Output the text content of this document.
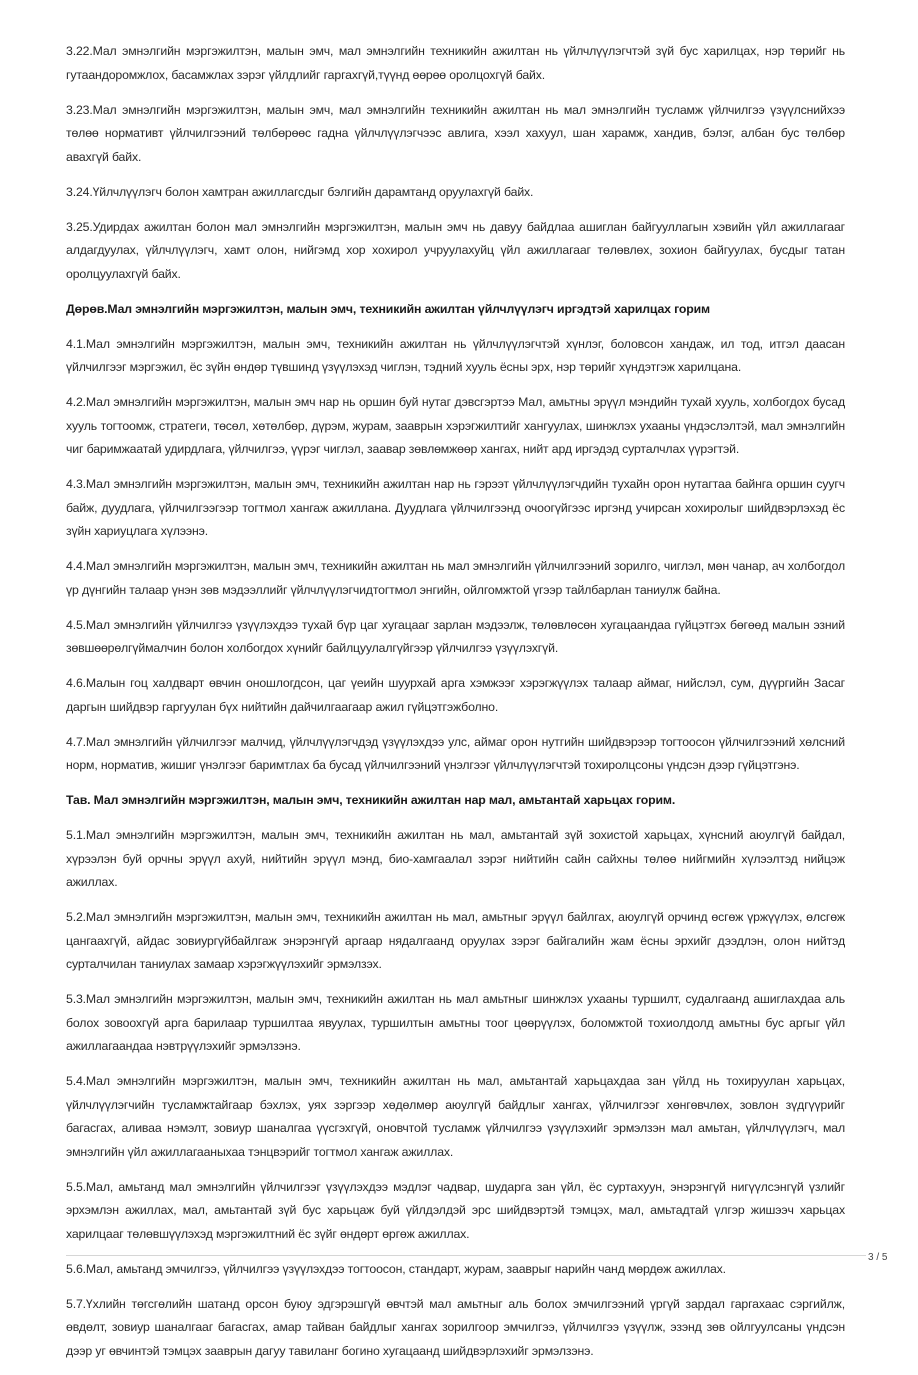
3.22.Мал эмнэлгийн мэргэжилтэн, малын эмч, мал эмнэлгийн техникийн ажилтан нь үйлчлүүлэгчтэй зүй бус харилцах, нэр төрийг нь гутаандоромжлох, басамжлах зэрэг үйлдлийг гаргахгүй,түүнд өөрөө оролцохгүй байх.

3.23.Мал эмнэлгийн мэргэжилтэн, малын эмч, мал эмнэлгийн техникийн ажилтан нь мал эмнэлгийн тусламж үйлчилгээ үзүүлснийхээ төлөө нормативт үйлчилгээний төлбөрөөс гадна үйлчлүүлэгчээс авлига, хээл хахуул, шан харамж, хандив, бэлэг, албан бус төлбөр авахгүй байх.

3.24.Үйлчлүүлэгч болон хамтран ажиллагсдыг бэлгийн дарамтанд оруулахгүй байх.

3.25.Удирдах ажилтан болон мал эмнэлгийн мэргэжилтэн, малын эмч нь давуу байдлаа ашиглан байгууллагын хэвийн үйл ажиллагааг алдагдуулах, үйлчлүүлэгч, хамт олон, нийгэмд хор хохирол учруулахуйц үйл ажиллагааг төлөвлөх, зохион байгуулах, бусдыг татан оролцуулахгүй байх.

Дөрөв.Мал эмнэлгийн мэргэжилтэн, малын эмч, техникийн ажилтан үйлчлүүлэгч иргэдтэй харилцах горим

4.1.Мал эмнэлгийн мэргэжилтэн, малын эмч, техникийн ажилтан нь үйлчлүүлэгчтэй хүнлэг, боловсон хандаж, ил тод, итгэл даасан үйлчилгээг мэргэжил, ёс зүйн өндөр түвшинд үзүүлэхэд чиглэн, тэдний хууль ёсны эрх, нэр төрийг хүндэтгэж харилцана.

4.2.Мал эмнэлгийн мэргэжилтэн, малын эмч нар нь оршин буй нутаг дэвсгэртээ Мал, амьтны эрүүл мэндийн тухай хууль, холбогдох бусад хууль тогтоомж, стратеги, төсөл, хөтөлбөр, дүрэм, журам, зааврын хэрэгжилтийг хангуулах, шинжлэх ухааны үндэслэлтэй, мал эмнэлгийн чиг баримжаатай удирдлага, үйлчилгээ, үүрэг чиглэл, заавар зөвлөмжөөр хангах, нийт ард иргэдэд сурталчлах үүрэгтэй.

4.3.Мал эмнэлгийн мэргэжилтэн, малын эмч, техникийн ажилтан нар нь гэрээт үйлчлүүлэгчдийн тухайн орон нутагтаа байнга оршин суугч байж, дуудлага, үйлчилгээгээр тогтмол хангаж ажиллана. Дуудлага үйлчилгээнд очоогүйгээс иргэнд учирсан хохиролыг шийдвэрлэхэд ёс зүйн хариуцлага хүлээнэ.

4.4.Мал эмнэлгийн мэргэжилтэн, малын эмч, техникийн ажилтан нь мал эмнэлгийн үйлчилгээний зорилго, чиглэл, мөн чанар, ач холбогдол үр дүнгийн талаар үнэн зөв мэдээллийг үйлчлүүлэгчидтогтмол энгийн, ойлгомжтой үгээр тайлбарлан таниулж байна.

4.5.Мал эмнэлгийн үйлчилгээ үзүүлэхдээ тухай бүр цаг хугацааг зарлан мэдээлж, төлөвлөсөн хугацаандаа гүйцэтгэх бөгөөд малын эзний зөвшөөрөлгүймалчин болон холбогдох хүнийг байлцуулалгүйгээр үйлчилгээ үзүүлэхгүй.

4.6.Малын гоц халдварт өвчин оношлогдсон, цаг үеийн шуурхай арга хэмжээг хэрэгжүүлэх талаар аймаг, нийслэл, сум, дүүргийн Засаг даргын шийдвэр гаргуулан бүх нийтийн дайчилгаагаар ажил гүйцэтгэжболно.

4.7.Мал эмнэлгийн үйлчилгээг малчид, үйлчлүүлэгчдэд үзүүлэхдээ улс, аймаг орон нутгийн шийдвэрээр тогтоосон үйлчилгээний хөлсний норм, норматив, жишиг үнэлгээг баримтлах ба бусад үйлчилгээний үнэлгээг үйлчлүүлэгчтэй тохиролцсоны үндсэн дээр гүйцэтгэнэ.

Тав. Мал эмнэлгийн мэргэжилтэн, малын эмч, техникийн ажилтан нар мал, амьтантай харьцах горим.

5.1.Мал эмнэлгийн мэргэжилтэн, малын эмч, техникийн ажилтан нь мал, амьтантай зүй зохистой харьцах, хүнсний аюулгүй байдал, хүрээлэн буй орчны эрүүл ахуй, нийтийн эрүүл мэнд, био-хамгаалал зэрэг нийтийн сайн сайхны төлөө нийгмийн хүлээлтэд нийцэж ажиллах.

5.2.Мал эмнэлгийн мэргэжилтэн, малын эмч, техникийн ажилтан нь мал, амьтныг эрүүл байлгах, аюулгүй орчинд өсгөж үржүүлэх, өлсгөж цангаахгүй, айдас зовиургүйбайлгаж энэрэнгүй аргаар нядалгаанд оруулах зэрэг байгалийн жам ёсны эрхийг дээдлэн, олон нийтэд сурталчилан таниулах замаар хэрэгжүүлэхийг эрмэлзэх.

5.3.Мал эмнэлгийн мэргэжилтэн, малын эмч, техникийн ажилтан нь мал амьтныг шинжлэх ухааны туршилт, судалгаанд ашиглахдаа аль болох зовоохгүй арга барилаар туршилтаа явуулах, туршилтын амьтны тоог цөөрүүлэх, боломжтой тохиолдолд амьтны бус аргыг үйл ажиллагаандаа нэвтрүүлэхийг эрмэлзэнэ.

5.4.Мал эмнэлгийн мэргэжилтэн, малын эмч, техникийн ажилтан нь мал, амьтантай харьцахдаа зан үйлд нь тохируулан харьцах, үйлчлүүлэгчийн тусламжтайгаар бэхлэх, уях зэргээр хөдөлмөр аюулгүй байдлыг хангах, үйлчилгээг хөнгөвчлөх, зовлон зүдгүүрийг багасгах, аливаа нэмэлт, зовиур шаналгаа үүсгэхгүй, оновчтой тусламж үйлчилгээ үзүүлэхийг эрмэлзэн мал амьтан, үйлчлүүлэгч, мал эмнэлгийн үйл ажиллагааныхаа тэнцвэрийг тогтмол хангаж ажиллах.

5.5.Мал, амьтанд мал эмнэлгийн үйлчилгээг үзүүлэхдээ мэдлэг чадвар, шударга зан үйл, ёс суртахуун, энэрэнгүй нигүүлсэнгүй үзлийг эрхэмлэн ажиллах, мал, амьтантай зүй бус харьцаж буй үйлдэлдэй эрс шийдвэртэй тэмцэх, мал, амьтадтай үлгэр жишээч харьцах харилцааг төлөвшүүлэхэд мэргэжилтний ёс зүйг өндөрт өргөж ажиллах.

5.6.Мал, амьтанд эмчилгээ, үйлчилгээ үзүүлэхдээ тогтоосон, стандарт, журам, зааврыг нарийн чанд мөрдөж ажиллах.

5.7.Үхлийн төгсгөлийн шатанд орсон буюу эдгэрэшгүй өвчтэй мал амьтныг аль болох эмчилгээний үргүй зардал гаргахаас сэргийлж, өвдөлт, зовиур шаналгааг багасгах, амар тайван байдлыг хангах зорилгоор эмчилгээ, үйлчилгээ үзүүлж, эзэнд зөв ойлгуулсаны үндсэн дээр уг өвчинтэй тэмцэх зааврын дагуу тавиланг богино хугацаанд шийдвэрлэхийг эрмэлзэнэ.

3 / 5
